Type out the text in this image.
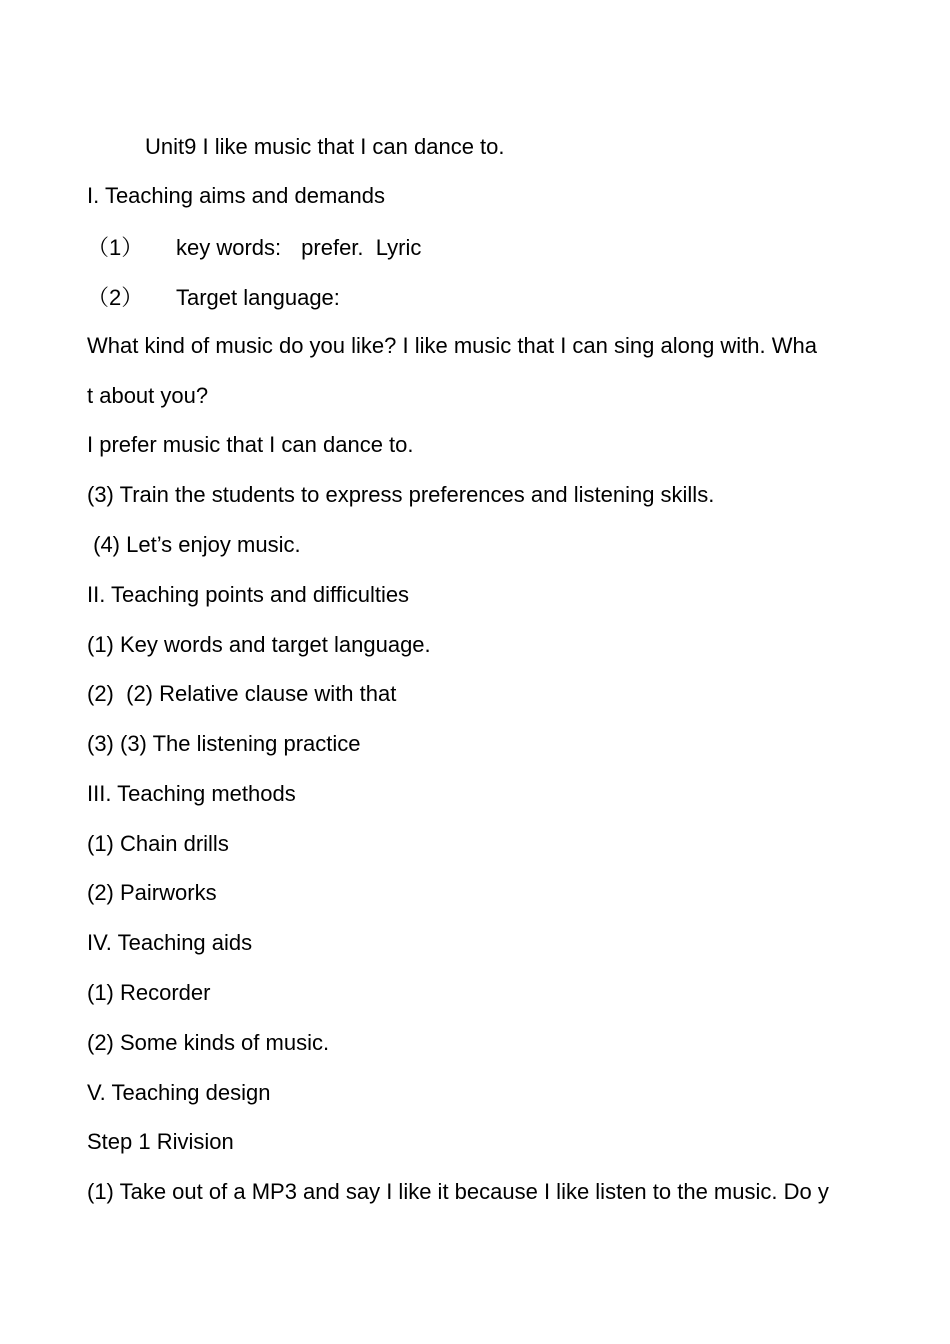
Unit9 I like music that I can dance to.
I. Teaching aims and demands
（1） key words: prefer.  Lyric
（2） Target language:
What kind of music do you like? I like music that I can sing along with. Wha
t about you?
I prefer music that I can dance to.
(3) Train the students to express preferences and listening skills.
(4) Let’s enjoy music.
II. Teaching points and difficulties
(1) Key words and target language.
(2)  (2) Relative clause with that
(3) (3) The listening practice
III. Teaching methods
(1) Chain drills
(2) Pairworks
IV. Teaching aids
(1) Recorder
(2) Some kinds of music.
V. Teaching design
Step 1 Rivision
(1) Take out of a MP3 and say I like it because I like listen to the music. Do y
